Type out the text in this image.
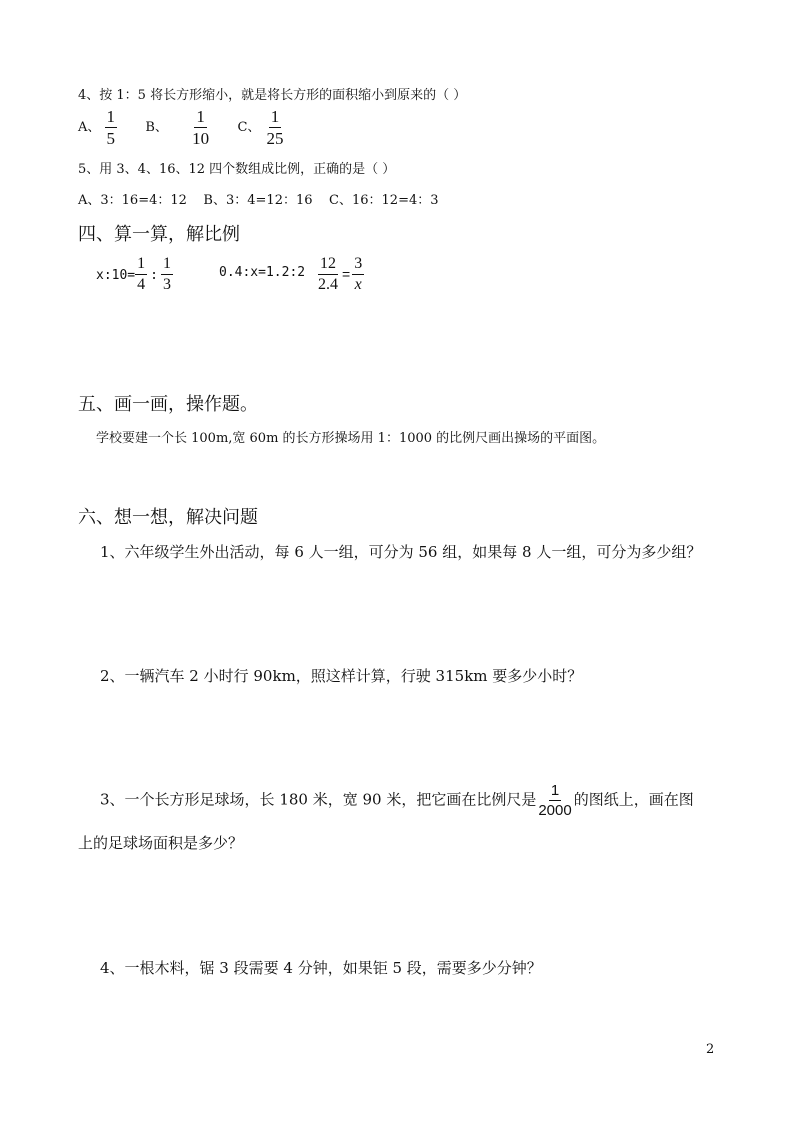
4、按 1：5 将长方形缩小，就是将长方形的面积缩小到原来的（ ）
A、 $\frac{1}{5}$ B、 $\frac{1}{10}$ C、 $\frac{1}{25}$
5、用 3、4、16、12 四个数组成比例，正确的是（ ）
A、3：16=4：12    B、3：4=12：16    C、16：12=4：3
四、算一算，解比例
x:10= $\frac{1}{4}$ : $\frac{1}{3}$	0.4:x=1.2:2 $\frac{12}{2.4} = \frac{3}{x}$
五、画一画，操作题。
学校要建一个长 100m,宽 60m 的长方形操场用 1：1000 的比例尺画出操场的平面图。
六、想一想，解决问题
1、六年级学生外出活动，每 6 人一组，可分为 56 组，如果每 8 人一组，可分为多少组？
2、一辆汽车 2 小时行 90km，照这样计算，行驶 315km 要多少小时？
3、一个长方形足球场，长 180 米，宽 90 米，把它画在比例尺是 $\frac{1}{2000}$ 的图纸上，画在图
上的足球场面积是多少？
4、一根木料，锯 3 段需要 4 分钟，如果钜 5 段，需要多少分钟？
2
